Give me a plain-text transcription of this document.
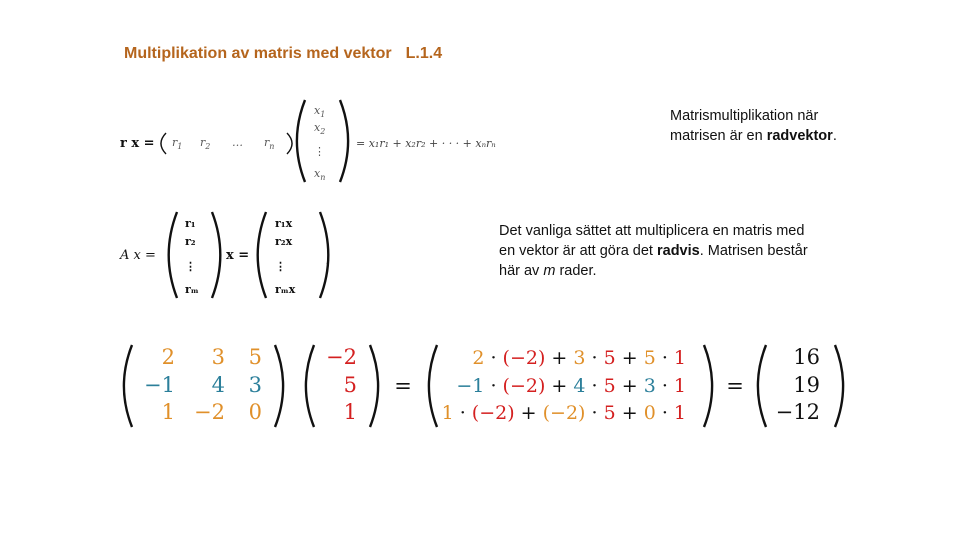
Multiplikation av matris med vektor L.1.4
Matrismultiplikation när
matrisen är en radvektor.
Det vanliga sättet att multiplicera en matris med
en vektor är att göra det radvis. Matrisen består
här av m rader.
r $x = r_1$ $r_2$ … $r_n$
$x_1$
$x_2$
⋮
$x_n$
= x₁r₁ + x₂r₂ + · · · + xₙrₙ
A x =
r₁
r₂
⋮
rₘ
x =
r₁x
r₂x
⋮
rₘx
,
2 3 5
−1 4 3
1 −2 0
−2
5
1
=
2 · (−2) + 3 · 5 + 5 · 1
−1 · (−2) + 4 · 5 + 3 · 1
1 · (−2) + (−2) · 5 + 0 · 1
=
16
19
−12
